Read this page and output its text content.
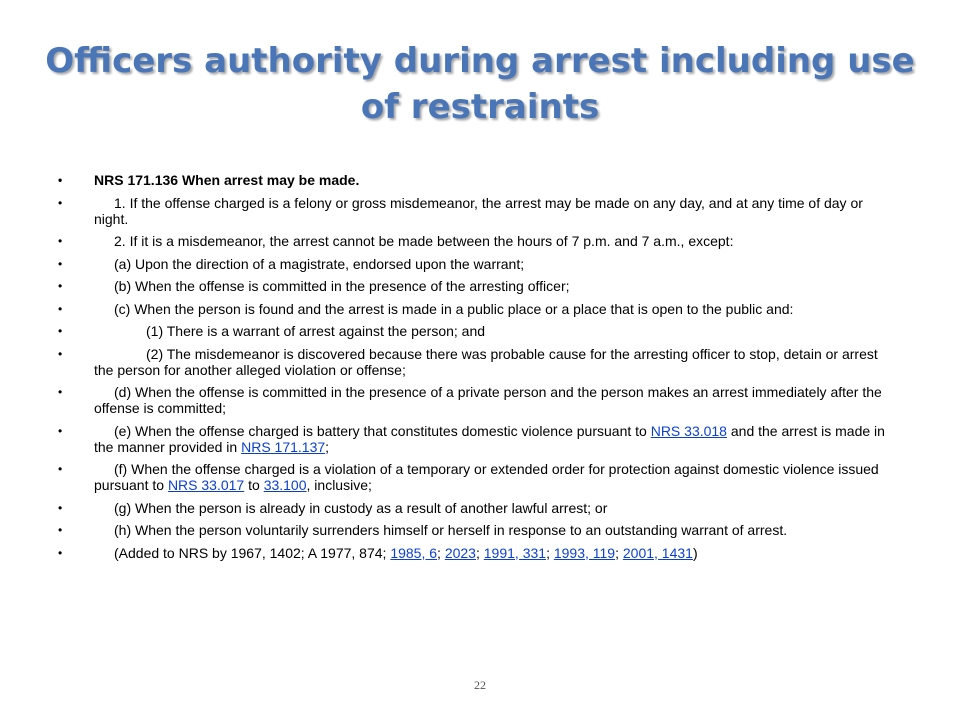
Officers authority during arrest including use of restraints
•	NRS 171.136 When arrest may be made.
•	1. If the offense charged is a felony or gross misdemeanor, the arrest may be made on any day, and at any time of day or night.
•	2. If it is a misdemeanor, the arrest cannot be made between the hours of 7 p.m. and 7 a.m., except:
•	(a) Upon the direction of a magistrate, endorsed upon the warrant;
•	(b) When the offense is committed in the presence of the arresting officer;
•	(c) When the person is found and the arrest is made in a public place or a place that is open to the public and:
•	(1) There is a warrant of arrest against the person; and
•	(2) The misdemeanor is discovered because there was probable cause for the arresting officer to stop, detain or arrest the person for another alleged violation or offense;
•	(d) When the offense is committed in the presence of a private person and the person makes an arrest immediately after the offense is committed;
•	(e) When the offense charged is battery that constitutes domestic violence pursuant to NRS 33.018 and the arrest is made in the manner provided in NRS 171.137;
•	(f) When the offense charged is a violation of a temporary or extended order for protection against domestic violence issued pursuant to NRS 33.017 to 33.100, inclusive;
•	(g) When the person is already in custody as a result of another lawful arrest; or
•	(h) When the person voluntarily surrenders himself or herself in response to an outstanding warrant of arrest.
•	(Added to NRS by 1967, 1402; A 1977, 874; 1985, 6; 2023; 1991, 331; 1993, 119; 2001, 1431)
22
